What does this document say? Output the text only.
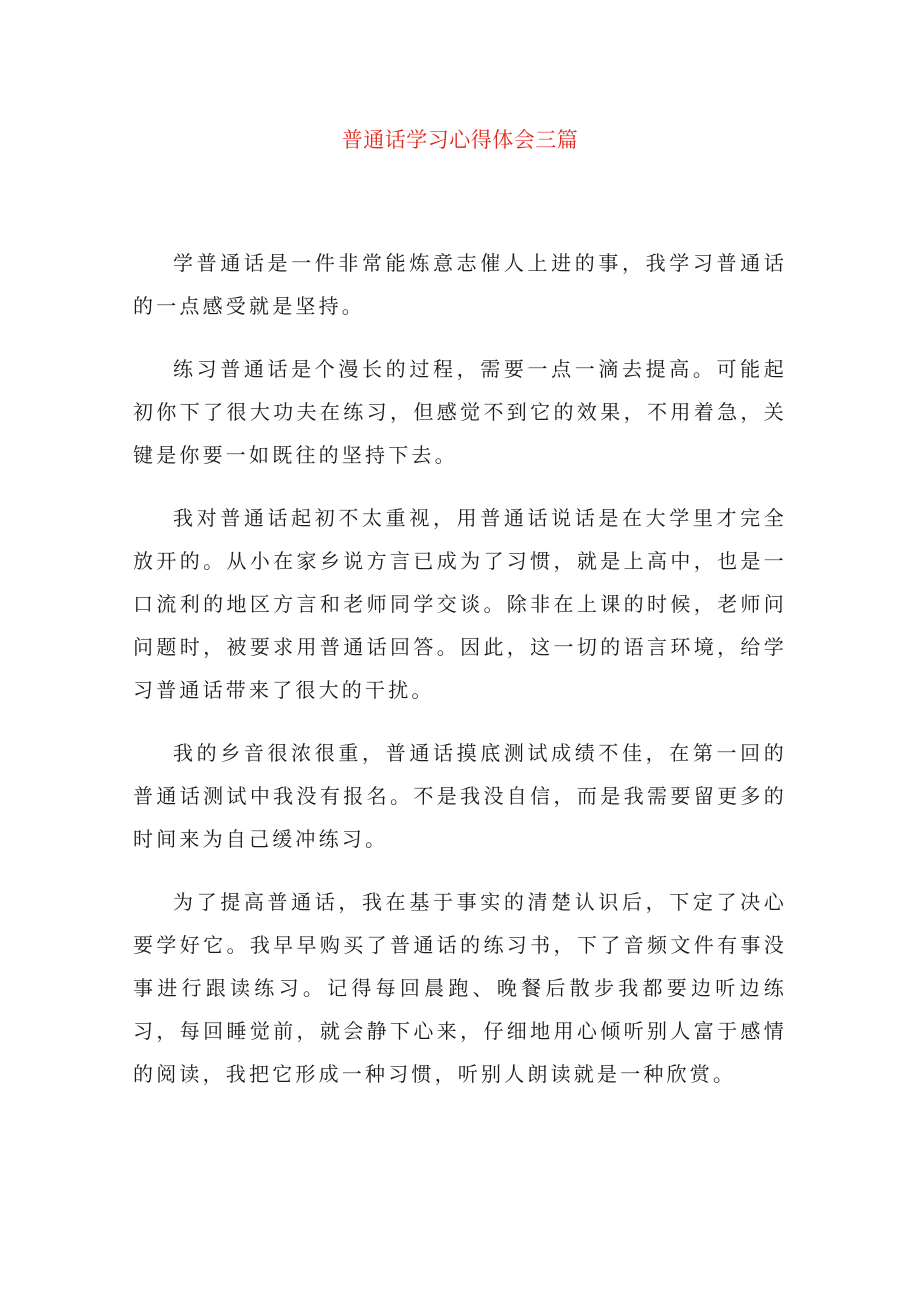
普通话学习心得体会三篇

学普通话是一件非常能炼意志催人上进的事，我学习普通话的一点感受就是坚持。

练习普通话是个漫长的过程，需要一点一滴去提高。可能起初你下了很大功夫在练习，但感觉不到它的效果，不用着急，关键是你要一如既往的坚持下去。

我对普通话起初不太重视，用普通话说话是在大学里才完全放开的。从小在家乡说方言已成为了习惯，就是上高中，也是一口流利的地区方言和老师同学交谈。除非在上课的时候，老师问问题时，被要求用普通话回答。因此，这一切的语言环境，给学习普通话带来了很大的干扰。

我的乡音很浓很重，普通话摸底测试成绩不佳，在第一回的普通话测试中我没有报名。不是我没自信，而是我需要留更多的时间来为自己缓冲练习。

为了提高普通话，我在基于事实的清楚认识后，下定了决心要学好它。我早早购买了普通话的练习书，下了音频文件有事没事进行跟读练习。记得每回晨跑、晚餐后散步我都要边听边练习，每回睡觉前，就会静下心来，仔细地用心倾听别人富于感情的阅读，我把它形成一种习惯，听别人朗读就是一种欣赏。
